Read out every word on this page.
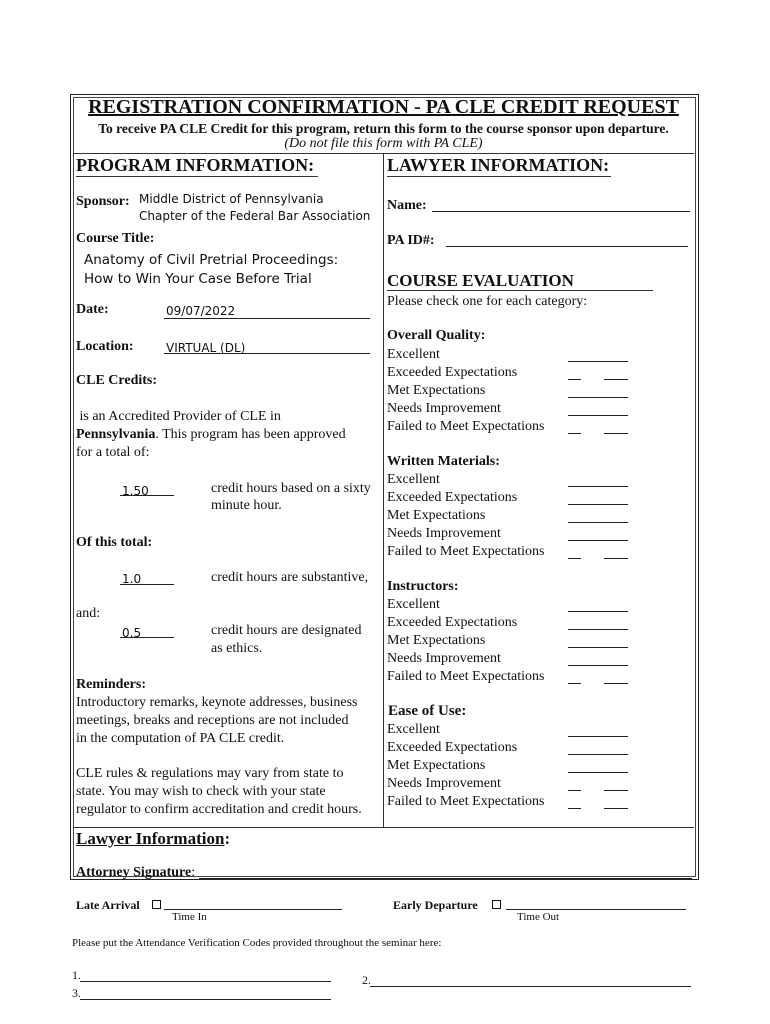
REGISTRATION CONFIRMATION - PA CLE CREDIT REQUEST
To receive PA CLE Credit for this program, return this form to the course sponsor upon departure.
(Do not file this form with PA CLE)
PROGRAM INFORMATION:
Sponsor: Middle District of Pennsylvania
Chapter of the Federal Bar Association
Course Title:
Anatomy of Civil Pretrial Proceedings:
How to Win Your Case Before Trial
Date:	09/07/2022
Location:	VIRTUAL (DL)
CLE Credits:
is an Accredited Provider of CLE in
Pennsylvania. This program has been approved
for a total of:
1.50	credit hours based on a sixty
minute hour.
Of this total:
1.0	credit hours are substantive,
and:
0.5	credit hours are designated
as ethics.
Reminders:
Introductory remarks, keynote addresses, business
meetings, breaks and receptions are not included
in the computation of PA CLE credit.
CLE rules & regulations may vary from state to
state. You may wish to check with your state
regulator to confirm accreditation and credit hours.
LAWYER INFORMATION:
Name:
PA ID#:
COURSE EVALUATION
Please check one for each category:
Overall Quality:
Excellent
Exceeded Expectations
Met Expectations
Needs Improvement
Failed to Meet Expectations
Written Materials:
Excellent
Exceeded Expectations
Met Expectations
Needs Improvement
Failed to Meet Expectations
Instructors:
Excellent
Exceeded Expectations
Met Expectations
Needs Improvement
Failed to Meet Expectations
Ease of Use:
Excellent
Exceeded Expectations
Met Expectations
Needs Improvement
Failed to Meet Expectations
Lawyer Information:
Attorney Signature:
Late Arrival
Time In
Early Departure
Time Out
Please put the Attendance Verification Codes provided throughout the seminar here:
1.	2.
3.
